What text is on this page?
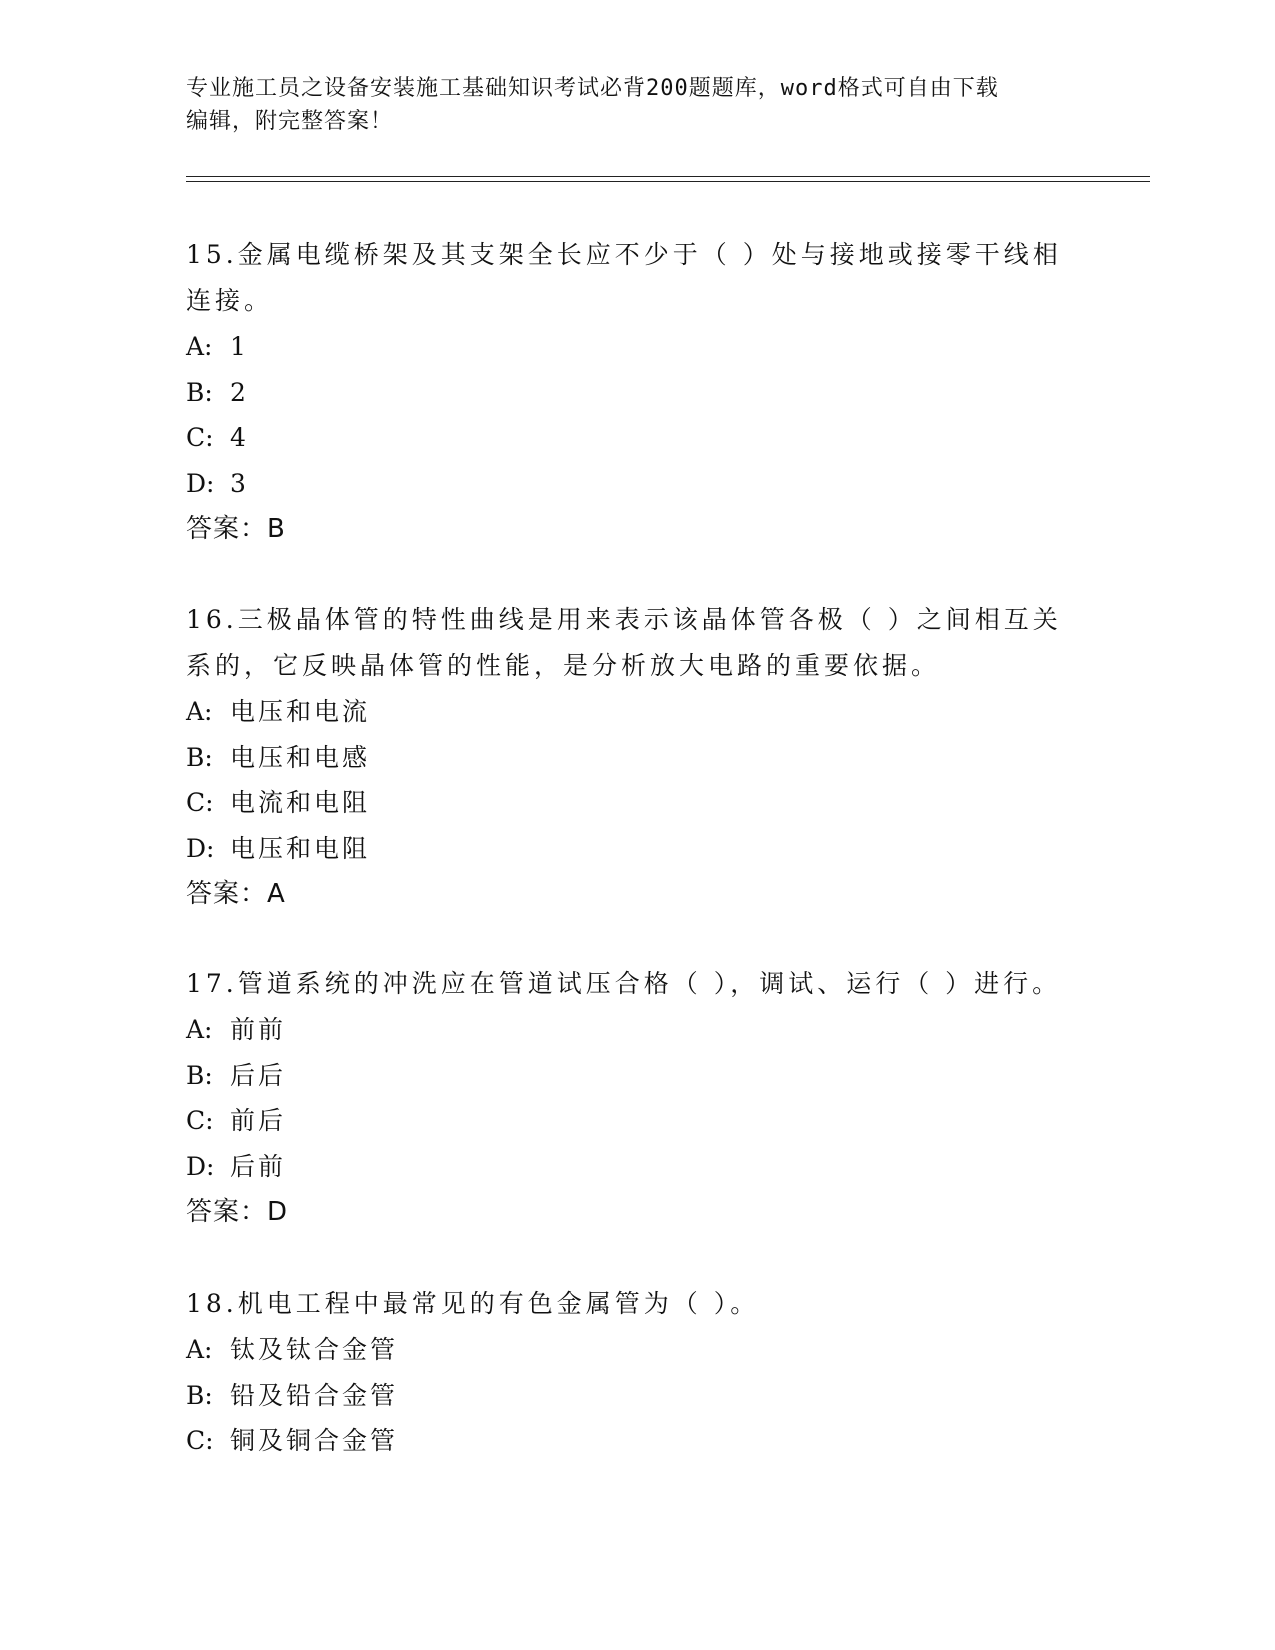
专业施工员之设备安装施工基础知识考试必背200题题库，word格式可自由下载
编辑，附完整答案！

15.金属电缆桥架及其支架全长应不少于（ ）处与接地或接零干线相连接。

A: 1

B: 2

C: 4

D: 3

答案：B

16.三极晶体管的特性曲线是用来表示该晶体管各极（ ）之间相互关系的，它反映晶体管的性能，是分析放大电路的重要依据。

A: 电压和电流

B: 电压和电感

C: 电流和电阻

D: 电压和电阻

答案：A

17.管道系统的冲洗应在管道试压合格（ ），调试、运行（ ）进行。

A: 前前

B: 后后

C: 前后

D: 后前

答案：D

18.机电工程中最常见的有色金属管为（ ）。

A: 钛及钛合金管

B: 铅及铅合金管

C: 铜及铜合金管
